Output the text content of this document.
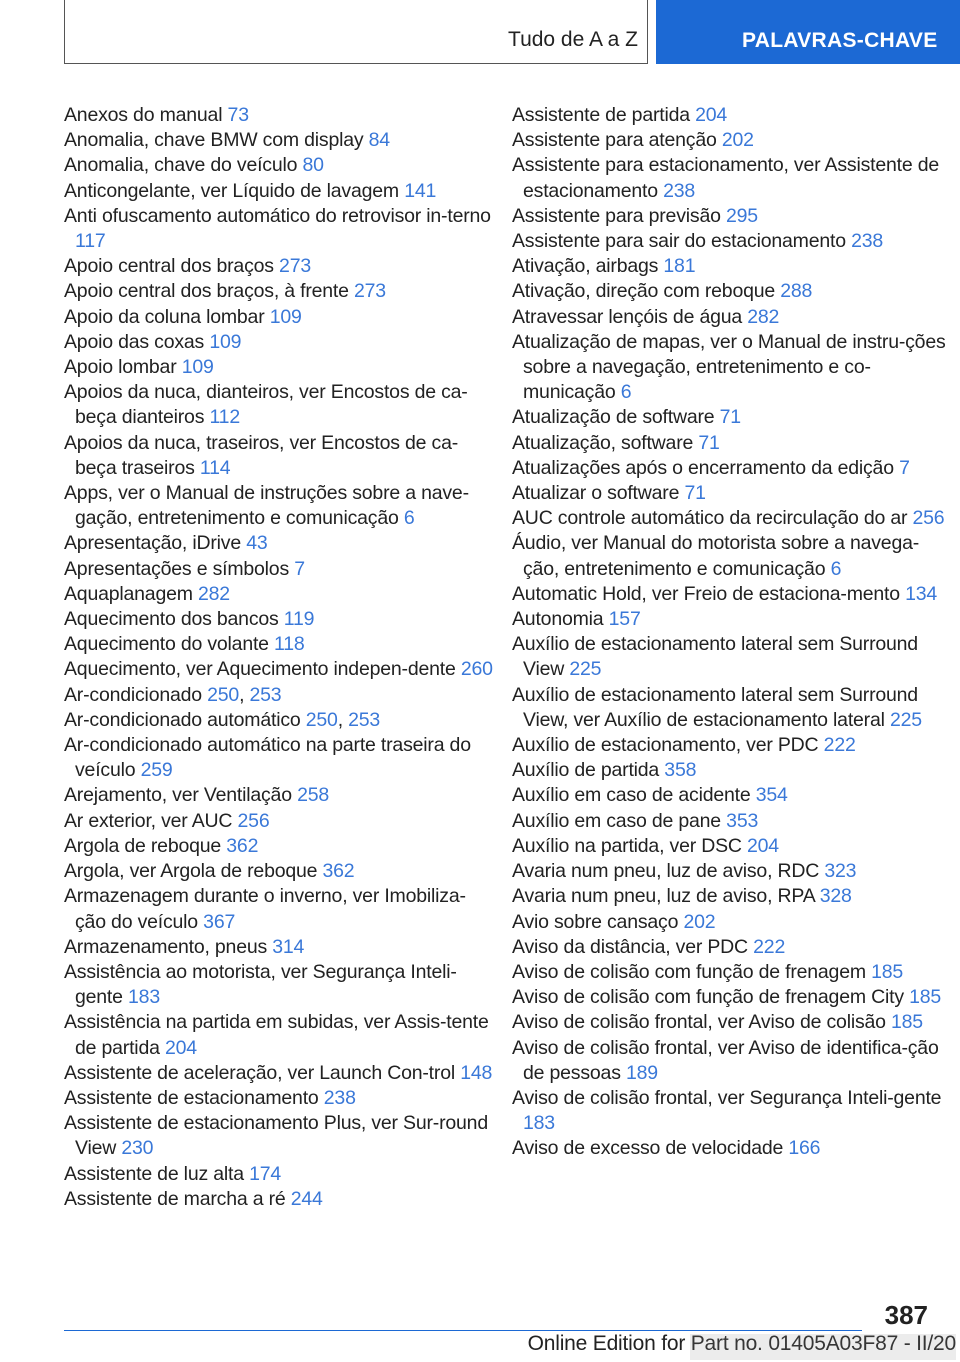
Tudo de A a Z	PALAVRAS-CHAVE

Anexos do manual 73

Anomalia, chave BMW com display 84

Anomalia, chave do veículo 80

Anticongelante, ver Líquido de lavagem 141

Anti ofuscamento automático do retrovisor in-terno 117

Apoio central dos braços 273

Apoio central dos braços, à frente 273

Apoio da coluna lombar 109

Apoio das coxas 109

Apoio lombar 109

Apoios da nuca, dianteiros, ver Encostos de ca-beça dianteiros 112

Apoios da nuca, traseiros, ver Encostos de ca-beça traseiros 114

Apps, ver o Manual de instruções sobre a nave-gação, entretenimento e comunicação 6

Apresentação, iDrive 43

Apresentações e símbolos 7

Aquaplanagem 282

Aquecimento dos bancos 119

Aquecimento do volante 118

Aquecimento, ver Aquecimento indepen-dente 260

Ar-condicionado 250, 253

Ar-condicionado automático 250, 253

Ar-condicionado automático na parte traseira do veículo 259

Arejamento, ver Ventilação 258

Ar exterior, ver AUC 256

Argola de reboque 362

Argola, ver Argola de reboque 362

Armazenagem durante o inverno, ver Imobiliza-ção do veículo 367

Armazenamento, pneus 314

Assistência ao motorista, ver Segurança Inteli-gente 183

Assistência na partida em subidas, ver Assis-tente de partida 204

Assistente de aceleração, ver Launch Con-trol 148

Assistente de estacionamento 238

Assistente de estacionamento Plus, ver Sur-round View 230

Assistente de luz alta 174

Assistente de marcha a ré 244

Assistente de partida 204

Assistente para atenção 202

Assistente para estacionamento, ver Assistente de estacionamento 238

Assistente para previsão 295

Assistente para sair do estacionamento 238

Ativação, airbags 181

Ativação, direção com reboque 288

Atravessar lençóis de água 282

Atualização de mapas, ver o Manual de instru-ções sobre a navegação, entretenimento e co-municação 6

Atualização de software 71

Atualização, software 71

Atualizações após o encerramento da edição 7

Atualizar o software 71

AUC controle automático da recirculação do ar 256

Áudio, ver Manual do motorista sobre a navega-ção, entretenimento e comunicação 6

Automatic Hold, ver Freio de estaciona-mento 134

Autonomia 157

Auxílio de estacionamento lateral sem Surround View 225

Auxílio de estacionamento lateral sem Surround View, ver Auxílio de estacionamento lateral 225

Auxílio de estacionamento, ver PDC 222

Auxílio de partida 358

Auxílio em caso de acidente 354

Auxílio em caso de pane 353

Auxílio na partida, ver DSC 204

Avaria num pneu, luz de aviso, RDC 323

Avaria num pneu, luz de aviso, RPA 328

Avio sobre cansaço 202

Aviso da distância, ver PDC 222

Aviso de colisão com função de frenagem 185

Aviso de colisão com função de frenagem City 185

Aviso de colisão frontal, ver Aviso de colisão 185

Aviso de colisão frontal, ver Aviso de identifica-ção de pessoas 189

Aviso de colisão frontal, ver Segurança Inteli-gente 183

Aviso de excesso de velocidade 166

387
Online Edition for Part no. 01405A03F87 - II/20
